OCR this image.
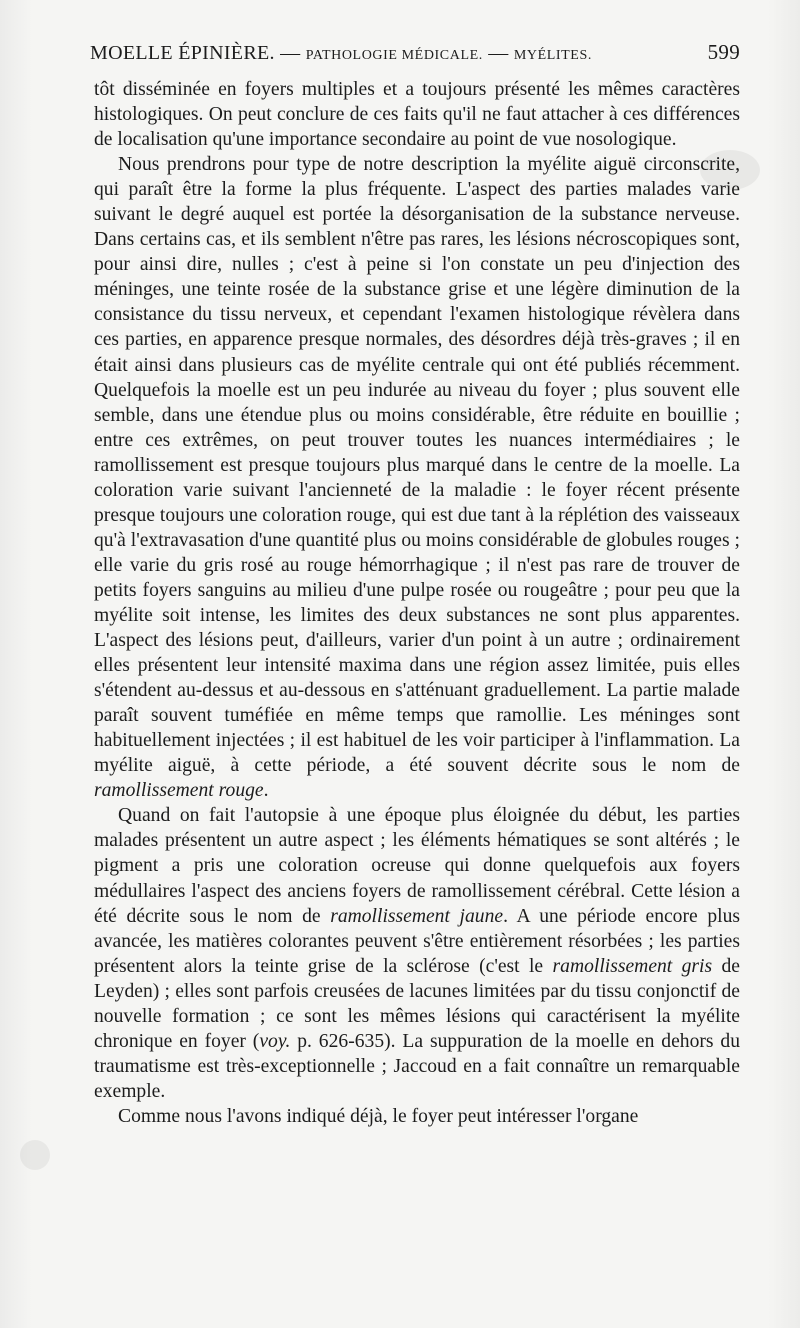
MOELLE ÉPINIÈRE. — PATHOLOGIE MÉDICALE. — MYÉLITES.	599

tôt disséminée en foyers multiples et a toujours présenté les mêmes caractères histologiques. On peut conclure de ces faits qu'il ne faut attacher à ces différences de localisation qu'une importance secondaire au point de vue nosologique.

Nous prendrons pour type de notre description la myélite aiguë circonscrite, qui paraît être la forme la plus fréquente. L'aspect des parties malades varie suivant le degré auquel est portée la désorganisation de la substance nerveuse. Dans certains cas, et ils semblent n'être pas rares, les lésions nécroscopiques sont, pour ainsi dire, nulles ; c'est à peine si l'on constate un peu d'injection des méninges, une teinte rosée de la substance grise et une légère diminution de la consistance du tissu nerveux, et cependant l'examen histologique révèlera dans ces parties, en apparence presque normales, des désordres déjà très-graves ; il en était ainsi dans plusieurs cas de myélite centrale qui ont été publiés récemment. Quelquefois la moelle est un peu indurée au niveau du foyer ; plus souvent elle semble, dans une étendue plus ou moins considérable, être réduite en bouillie ; entre ces extrêmes, on peut trouver toutes les nuances intermédiaires ; le ramollissement est presque toujours plus marqué dans le centre de la moelle. La coloration varie suivant l'ancienneté de la maladie : le foyer récent présente presque toujours une coloration rouge, qui est due tant à la réplétion des vaisseaux qu'à l'extravasation d'une quantité plus ou moins considérable de globules rouges ; elle varie du gris rosé au rouge hémorrhagique ; il n'est pas rare de trouver de petits foyers sanguins au milieu d'une pulpe rosée ou rougeâtre ; pour peu que la myélite soit intense, les limites des deux substances ne sont plus apparentes. L'aspect des lésions peut, d'ailleurs, varier d'un point à un autre ; ordinairement elles présentent leur intensité maxima dans une région assez limitée, puis elles s'étendent au-dessus et au-dessous en s'atténuant graduellement. La partie malade paraît souvent tuméfiée en même temps que ramollie. Les méninges sont habituellement injectées ; il est habituel de les voir participer à l'inflammation. La myélite aiguë, à cette période, a été souvent décrite sous le nom de ramollissement rouge.

Quand on fait l'autopsie à une époque plus éloignée du début, les parties malades présentent un autre aspect ; les éléments hématiques se sont altérés ; le pigment a pris une coloration ocreuse qui donne quelquefois aux foyers médullaires l'aspect des anciens foyers de ramollissement cérébral. Cette lésion a été décrite sous le nom de ramollissement jaune. A une période encore plus avancée, les matières colorantes peuvent s'être entièrement résorbées ; les parties présentent alors la teinte grise de la sclérose (c'est le ramollissement gris de Leyden) ; elles sont parfois creusées de lacunes limitées par du tissu conjonctif de nouvelle formation ; ce sont les mêmes lésions qui caractérisent la myélite chronique en foyer (voy. p. 626-635). La suppuration de la moelle en dehors du traumatisme est très-exceptionnelle ; Jaccoud en a fait connaître un remarquable exemple.

Comme nous l'avons indiqué déjà, le foyer peut intéresser l'organe
